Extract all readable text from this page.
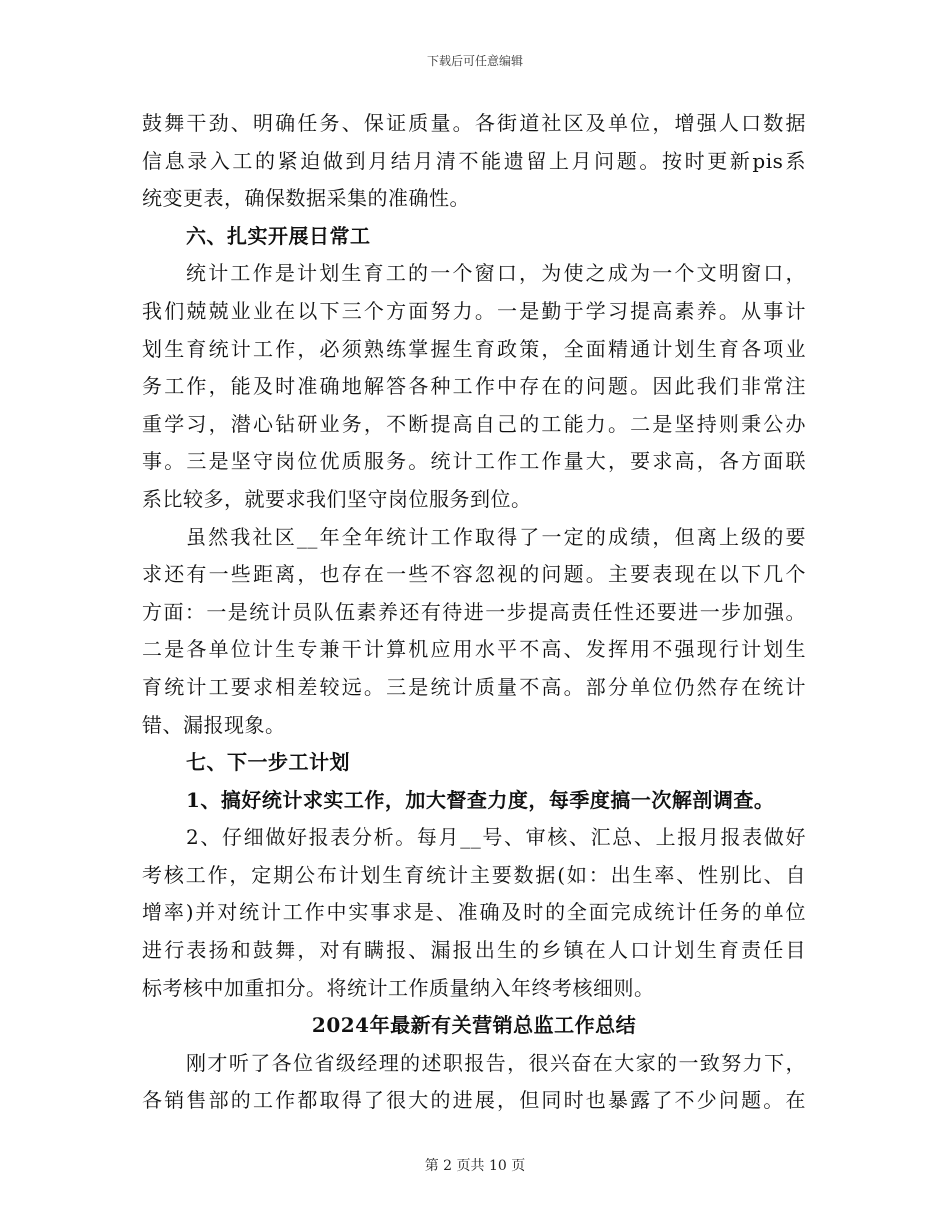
下载后可任意编辑
鼓舞干劲、明确任务、保证质量。各街道社区及单位，增强人口数据
信息录入工的紧迫做到月结月清不能遗留上月问题。按时更新pis系
统变更表，确保数据采集的准确性。
六、扎实开展日常工
统计工作是计划生育工的一个窗口，为使之成为一个文明窗口，
我们兢兢业业在以下三个方面努力。一是勤于学习提高素养。从事计
划生育统计工作，必须熟练掌握生育政策，全面精通计划生育各项业
务工作，能及时准确地解答各种工作中存在的问题。因此我们非常注
重学习，潜心钻研业务，不断提高自己的工能力。二是坚持则秉公办
事。三是坚守岗位优质服务。统计工作工作量大，要求高，各方面联
系比较多，就要求我们坚守岗位服务到位。
虽然我社区__年全年统计工作取得了一定的成绩，但离上级的要
求还有一些距离，也存在一些不容忽视的问题。主要表现在以下几个
方面：一是统计员队伍素养还有待进一步提高责任性还要进一步加强。
二是各单位计生专兼干计算机应用水平不高、发挥用不强现行计划生
育统计工要求相差较远。三是统计质量不高。部分单位仍然存在统计
错、漏报现象。
七、下一步工计划
1、搞好统计求实工作，加大督查力度，每季度搞一次解剖调查。
2、仔细做好报表分析。每月__号、审核、汇总、上报月报表做好
考核工作，定期公布计划生育统计主要数据(如：出生率、性别比、自
增率)并对统计工作中实事求是、准确及时的全面完成统计任务的单位
进行表扬和鼓舞，对有瞒报、漏报出生的乡镇在人口计划生育责任目
标考核中加重扣分。将统计工作质量纳入年终考核细则。
2024年最新有关营销总监工作总结
刚才听了各位省级经理的述职报告，很兴奋在大家的一致努力下，
各销售部的工作都取得了很大的进展，但同时也暴露了不少问题。在
第 2 页共 10 页
